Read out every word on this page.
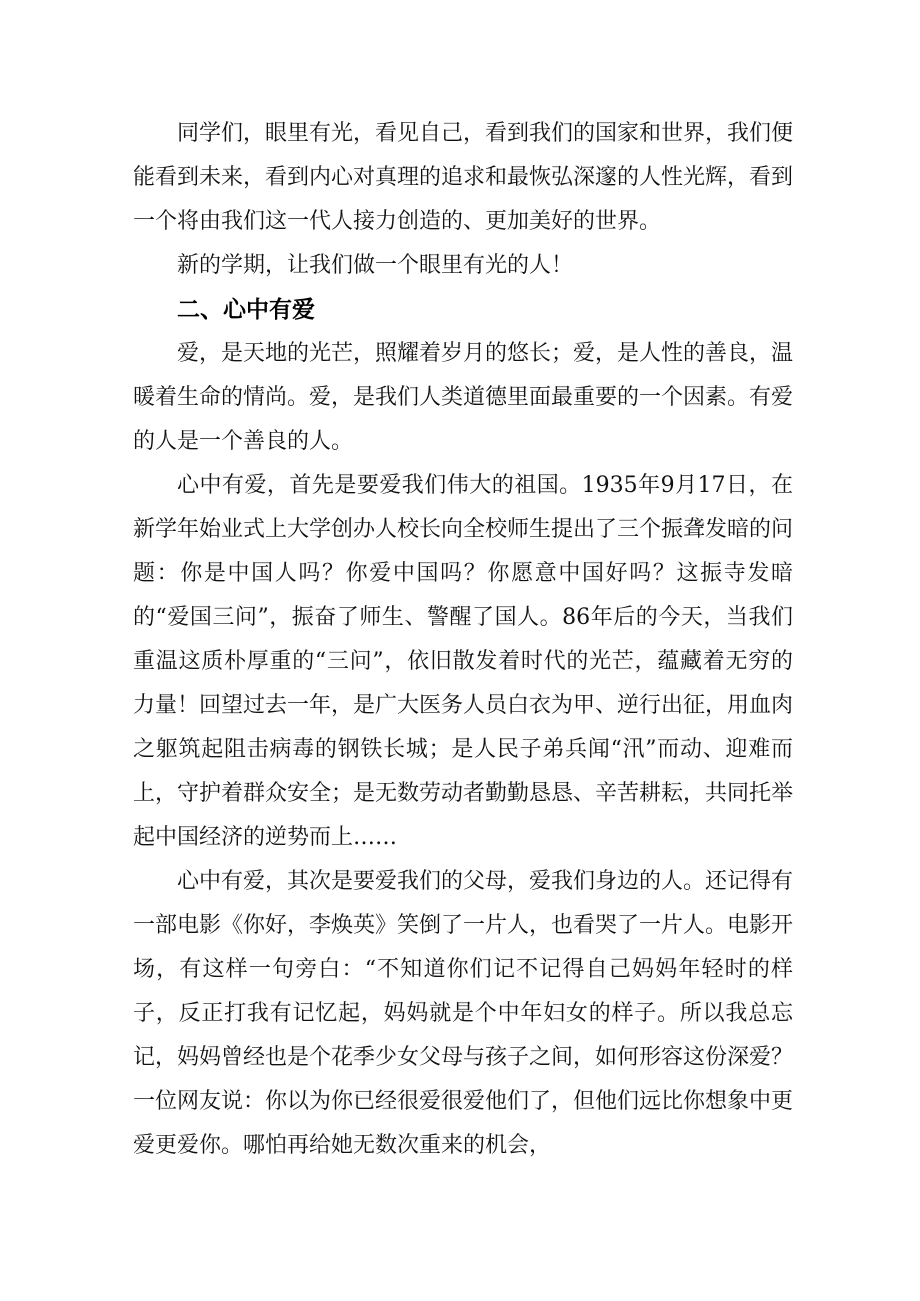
同学们，眼里有光，看见自己，看到我们的国家和世界，我们便能看到未来，看到内心对真理的追求和最恢弘深邃的人性光辉，看到一个将由我们这一代人接力创造的、更加美好的世界。

新的学期，让我们做一个眼里有光的人！

二、心中有爱

爱，是天地的光芒，照耀着岁月的悠长；爱，是人性的善良，温暖着生命的情尚。爱，是我们人类道德里面最重要的一个因素。有爱的人是一个善良的人。

心中有爱，首先是要爱我们伟大的祖国。1935年9月17日，在新学年始业式上大学创办人校长向全校师生提出了三个振聋发暗的问题：你是中国人吗？你爱中国吗？你愿意中国好吗？这振寺发暗的“爱国三问”，振奋了师生、警醒了国人。86年后的今天，当我们重温这质朴厚重的“三问”，依旧散发着时代的光芒，蕴藏着无穷的力量！回望过去一年，是广大医务人员白衣为甲、逆行出征，用血肉之躯筑起阻击病毒的钢铁长城；是人民子弟兵闻“汛”而动、迎难而上，守护着群众安全；是无数劳动者勤勤恳恳、辛苦耕耘，共同托举起中国经济的逆势而上……

心中有爱，其次是要爱我们的父母，爱我们身边的人。还记得有一部电影《你好，李焕英》笑倒了一片人，也看哭了一片人。电影开场，有这样一句旁白：“不知道你们记不记得自己妈妈年轻时的样子，反正打我有记忆起，妈妈就是个中年妇女的样子。所以我总忘记，妈妈曾经也是个花季少女父母与孩子之间，如何形容这份深爱？一位网友说：你以为你已经很爱很爱他们了，但他们远比你想象中更爱更爱你。哪怕再给她无数次重来的机会，
